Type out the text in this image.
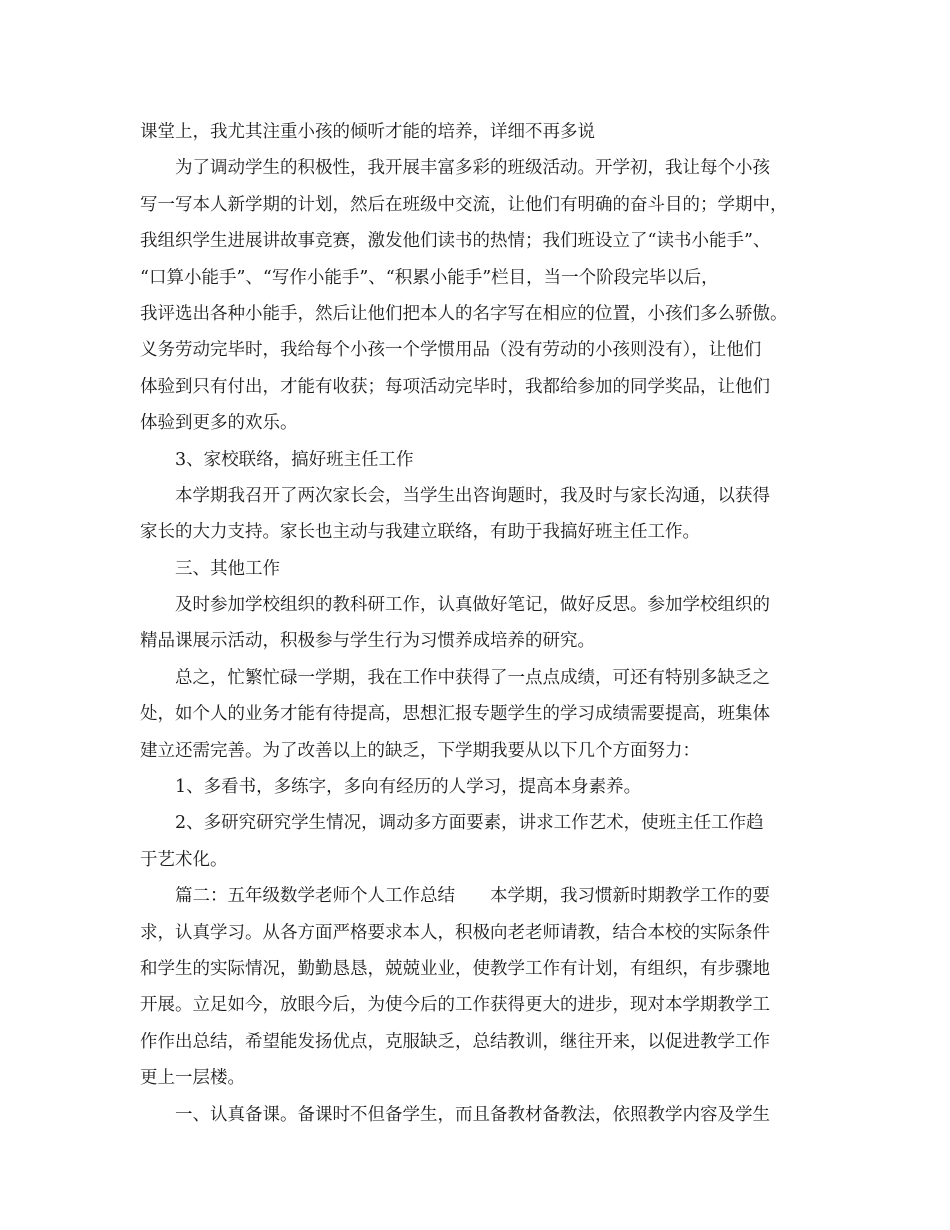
课堂上，我尤其注重小孩的倾听才能的培养，详细不再多说
为了调动学生的积极性，我开展丰富多彩的班级活动。开学初，我让每个小孩
写一写本人新学期的计划，然后在班级中交流，让他们有明确的奋斗目的；学期中，
我组织学生进展讲故事竞赛，激发他们读书的热情；我们班设立了“读书小能手”、
“口算小能手”、“写作小能手”、“积累小能手”栏目，当一个阶段完毕以后，
我评选出各种小能手，然后让他们把本人的名字写在相应的位置，小孩们多么骄傲。
义务劳动完毕时，我给每个小孩一个学惯用品（没有劳动的小孩则没有），让他们
体验到只有付出，才能有收获；每项活动完毕时，我都给参加的同学奖品，让他们
体验到更多的欢乐。
3、家校联络，搞好班主任工作
本学期我召开了两次家长会，当学生出咨询题时，我及时与家长沟通，以获得
家长的大力支持。家长也主动与我建立联络，有助于我搞好班主任工作。
三、其他工作
及时参加学校组织的教科研工作，认真做好笔记，做好反思。参加学校组织的
精品课展示活动，积极参与学生行为习惯养成培养的研究。
总之，忙繁忙碌一学期，我在工作中获得了一点点成绩，可还有特别多缺乏之
处，如个人的业务才能有待提高，思想汇报专题学生的学习成绩需要提高，班集体
建立还需完善。为了改善以上的缺乏，下学期我要从以下几个方面努力：
1、多看书，多练字，多向有经历的人学习，提高本身素养。
2、多研究研究学生情况，调动多方面要素，讲求工作艺术，使班主任工作趋
于艺术化。
篇二：五年级数学老师个人工作总结　　本学期，我习惯新时期教学工作的要
求，认真学习。从各方面严格要求本人，积极向老老师请教，结合本校的实际条件
和学生的实际情况，勤勤恳恳，兢兢业业，使教学工作有计划，有组织，有步骤地
开展。立足如今，放眼今后，为使今后的工作获得更大的进步，现对本学期教学工
作作出总结，希望能发扬优点，克服缺乏，总结教训，继往开来，以促进教学工作
更上一层楼。
一、认真备课。备课时不但备学生，而且备教材备教法，依照教学内容及学生
